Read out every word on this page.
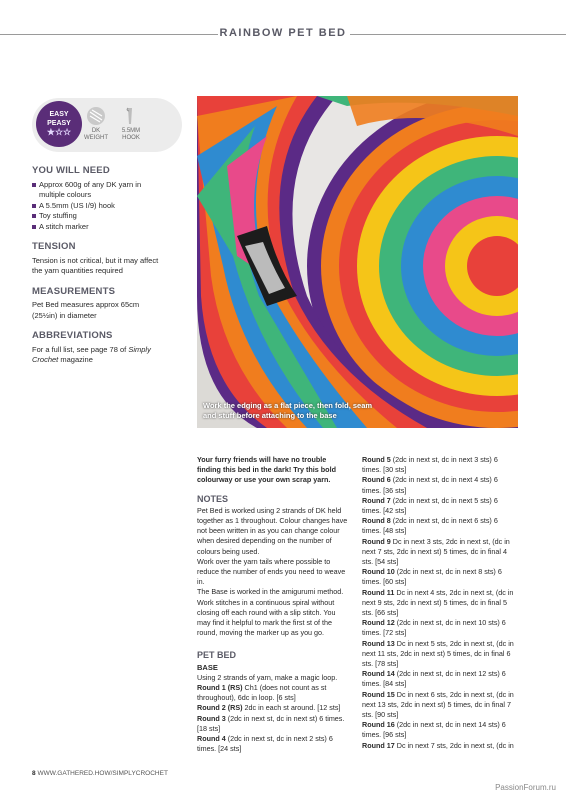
RAINBOW PET BED
EASY
PEASY
★☆☆	DK WEIGHT
5.5MM HOOK
YOU WILL NEED
Approx 600g of any DK yarn in multiple colours
A 5.5mm (US I/9) hook
Toy stuffing
A stitch marker
TENSION
Tension is not critical, but it may affect the yarn quantities required
MEASUREMENTS
Pet Bed measures approx 65cm (25½in) in diameter
ABBREVIATIONS
For a full list, see page 78 of Simply Crochet magazine
Work the edging as a flat piece, then fold, seam and stuff before attaching to the base
Your furry friends will have no trouble finding this bed in the dark! Try this bold colourway or use your own scrap yarn.
NOTES
Pet Bed is worked using 2 strands of DK held together as 1 throughout. Colour changes have not been written in as you can change colour when desired depending on the number of colours being used.
Work over the yarn tails where possible to reduce the number of ends you need to weave in.
The Base is worked in the amigurumi method. Work stitches in a continuous spiral without closing off each round with a slip stitch. You may find it helpful to mark the first st of the round, moving the marker up as you go.
PET BED
BASE
Using 2 strands of yarn, make a magic loop.
Round 1 (RS) Ch1 (does not count as st throughout), 6dc in loop. [6 sts]
Round 2 (RS) 2dc in each st around. [12 sts]
Round 3 (2dc in next st, dc in next st) 6 times. [18 sts]
Round 4 (2dc in next st, dc in next 2 sts) 6 times. [24 sts]
Round 5 (2dc in next st, dc in next 3 sts) 6 times. [30 sts]
Round 6 (2dc in next st, dc in next 4 sts) 6 times. [36 sts]
Round 7 (2dc in next st, dc in next 5 sts) 6 times. [42 sts]
Round 8 (2dc in next st, dc in next 6 sts) 6 times. [48 sts]
Round 9 Dc in next 3 sts, 2dc in next st, (dc in next 7 sts, 2dc in next st) 5 times, dc in final 4 sts. [54 sts]
Round 10 (2dc in next st, dc in next 8 sts) 6 times. [60 sts]
Round 11 Dc in next 4 sts, 2dc in next st, (dc in next 9 sts, 2dc in next st) 5 times, dc in final 5 sts. [66 sts]
Round 12 (2dc in next st, dc in next 10 sts) 6 times. [72 sts]
Round 13 Dc in next 5 sts, 2dc in next st, (dc in next 11 sts, 2dc in next st) 5 times, dc in final 6 sts. [78 sts]
Round 14 (2dc in next st, dc in next 12 sts) 6 times. [84 sts]
Round 15 Dc in next 6 sts, 2dc in next st, (dc in next 13 sts, 2dc in next st) 5 times, dc in final 7 sts. [90 sts]
Round 16 (2dc in next st, dc in next 14 sts) 6 times. [96 sts]
Round 17 Dc in next 7 sts, 2dc in next st, (dc in
8 WWW.GATHERED.HOW/SIMPLYCROCHET
PassionForum.ru
